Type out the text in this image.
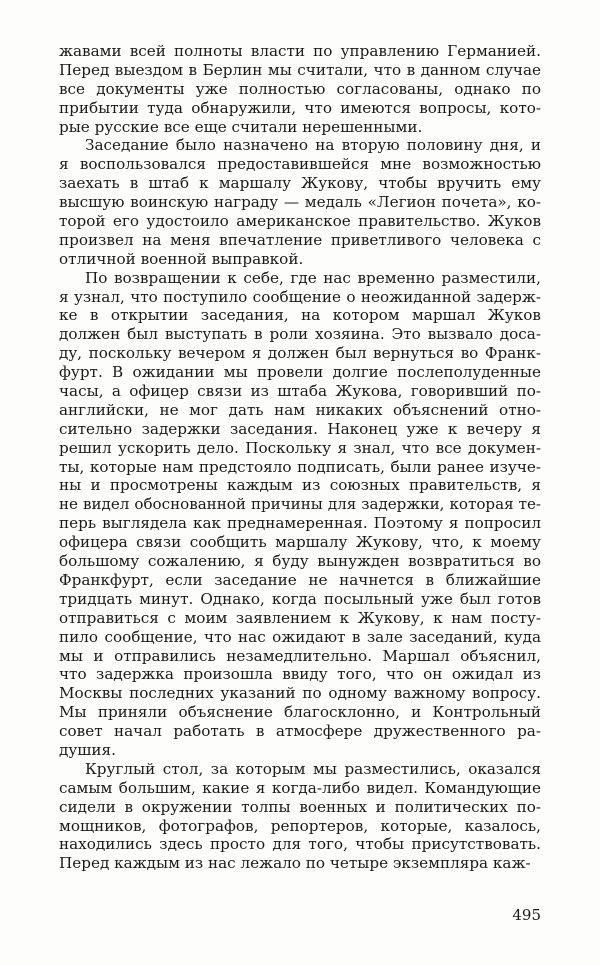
жавами всей полноты власти по управлению Германией.
Перед выездом в Берлин мы считали, что в данном случае
все документы уже полностью согласованы, однако по
прибытии туда обнаружили, что имеются вопросы, кото-
рые русские все еще считали нерешенными.
Заседание было назначено на вторую половину дня, и
я воспользовался предоставившейся мне возможностью
заехать в штаб к маршалу Жукову, чтобы вручить ему
высшую воинскую награду — медаль «Легион почета», ко-
торой его удостоило американское правительство. Жуков
произвел на меня впечатление приветливого человека с
отличной военной выправкой.
По возвращении к себе, где нас временно разместили,
я узнал, что поступило сообщение о неожиданной задерж-
ке в открытии заседания, на котором маршал Жуков
должен был выступать в роли хозяина. Это вызвало доса-
ду, поскольку вечером я должен был вернуться во Франк-
фурт. В ожидании мы провели долгие послеполуденные
часы, а офицер связи из штаба Жукова, говоривший по-
английски, не мог дать нам никаких объяснений отно-
сительно задержки заседания. Наконец уже к вечеру я
решил ускорить дело. Поскольку я знал, что все докумен-
ты, которые нам предстояло подписать, были ранее изуче-
ны и просмотрены каждым из союзных правительств, я
не видел обоснованной причины для задержки, которая те-
перь выглядела как преднамеренная. Поэтому я попросил
офицера связи сообщить маршалу Жукову, что, к моему
большому сожалению, я буду вынужден возвратиться во
Франкфурт, если заседание не начнется в ближайшие
тридцать минут. Однако, когда посыльный уже был готов
отправиться с моим заявлением к Жукову, к нам посту-
пило сообщение, что нас ожидают в зале заседаний, куда
мы и отправились незамедлительно. Маршал объяснил,
что задержка произошла ввиду того, что он ожидал из
Москвы последних указаний по одному важному вопросу.
Мы приняли объяснение благосклонно, и Контрольный
совет начал работать в атмосфере дружественного ра-
душия.
Круглый стол, за которым мы разместились, оказался
самым большим, какие я когда-либо видел. Командующие
сидели в окружении толпы военных и политических по-
мощников, фотографов, репортеров, которые, казалось,
находились здесь просто для того, чтобы присутствовать.
Перед каждым из нас лежало по четыре экземпляра каж-
495
